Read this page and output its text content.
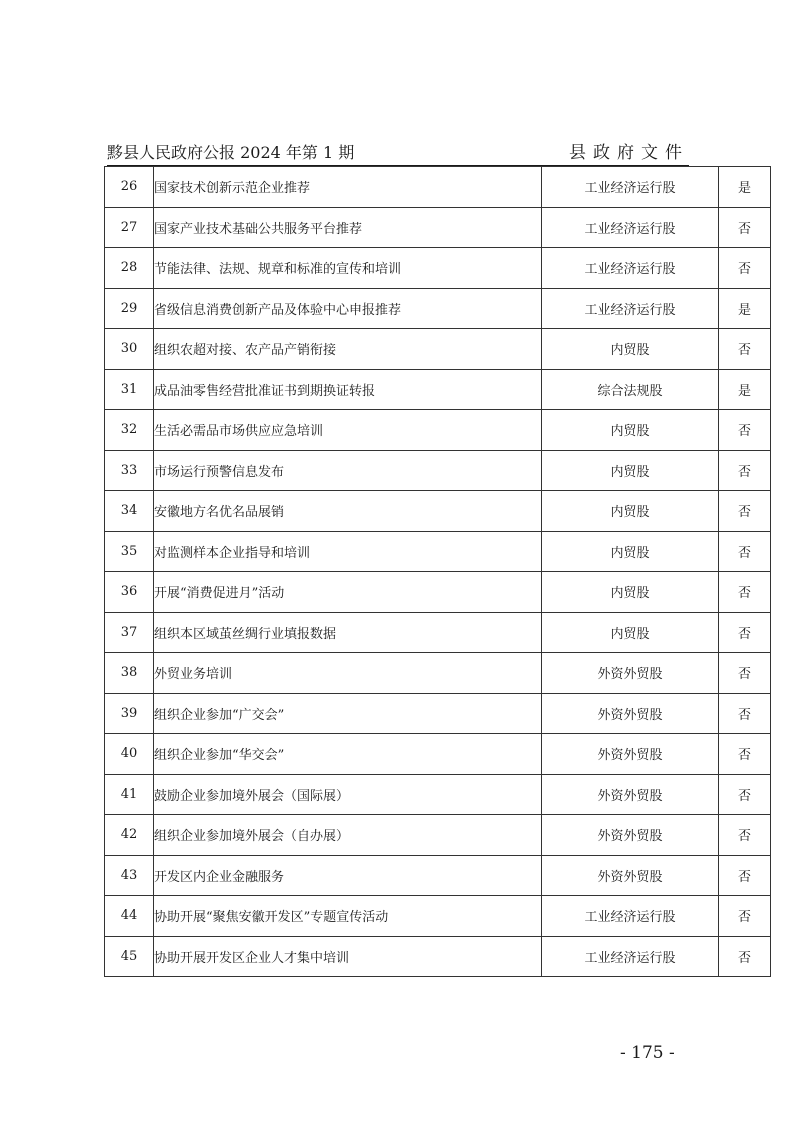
黟县人民政府公报 2024 年第 1 期	县政府文件
26	国家技术创新示范企业推荐	工业经济运行股	是
27	国家产业技术基础公共服务平台推荐	工业经济运行股	否
28	节能法律、法规、规章和标准的宣传和培训	工业经济运行股	否
29	省级信息消费创新产品及体验中心申报推荐	工业经济运行股	是
30	组织农超对接、农产品产销衔接	内贸股	否
31	成品油零售经营批准证书到期换证转报	综合法规股	是
32	生活必需品市场供应应急培训	内贸股	否
33	市场运行预警信息发布	内贸股	否
34	安徽地方名优名品展销	内贸股	否
35	对监测样本企业指导和培训	内贸股	否
36	开展“消费促进月”活动	内贸股	否
37	组织本区域茧丝绸行业填报数据	内贸股	否
38	外贸业务培训	外资外贸股	否
39	组织企业参加“广交会”	外资外贸股	否
40	组织企业参加“华交会”	外资外贸股	否
41	鼓励企业参加境外展会（国际展）	外资外贸股	否
42	组织企业参加境外展会（自办展）	外资外贸股	否
43	开发区内企业金融服务	外资外贸股	否
44	协助开展“聚焦安徽开发区”专题宣传活动	工业经济运行股	否
45	协助开展开发区企业人才集中培训	工业经济运行股	否
- 175 -
